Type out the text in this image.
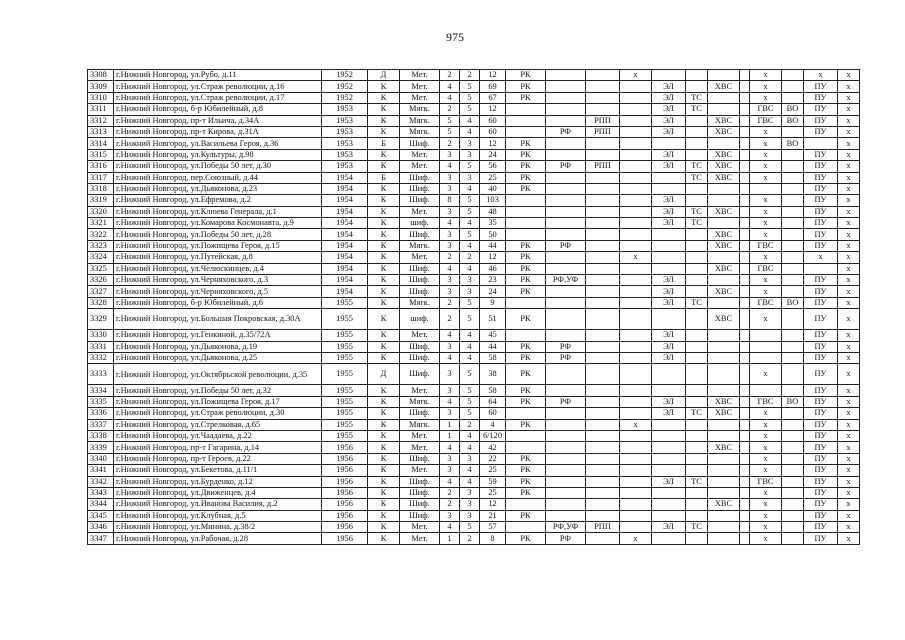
975
3308	г.Нижний Новгород, ул.Рубо, д.11	1952	Д	Мет.	2	2	12	РК			х					х		х	х
3309	г.Нижний Новгород, ул.Страж революции, д.16	1952	К	Мет.	4	5	69	РК				ЭЛ		ХВС		х		ПУ	х
3310	г.Нижний Новгород, ул.Страж революции, д.17	1952	К	Мет.	4	5	67	РК				ЭЛ	ТС			х		ПУ	х
3311	г.Нижний Новгород, б-р Юбилейный, д.8	1953	К	Мягк.	2	5	12					ЭЛ	ТС			ГВС	ВО	ПУ	х
3312	г.Нижний Новгород, пр-т Ильича, д.34А	1953	К	Мягк.	5	4	60			РПП		ЭЛ		ХВС		ГВС	ВО	ПУ	х
3313	г.Нижний Новгород, пр-т Кирова, д.31А	1953	К	Мягк.	5	4	60		РФ	РПП		ЭЛ		ХВС		х		ПУ	х
3314	г.Нижний Новгород, ул.Васильева Героя, д.36	1953	Б	Шиф.	2	3	12	РК								х	ВО		х
3315	г.Нижний Новгород, ул.Культуры, д.98	1953	К	Мет.	3	3	24	РК				ЭЛ		ХВС		х		ПУ	х
3316	г.Нижний Новгород, ул.Победы 50 лет, д.30	1953	К	Мет.	4	5	56	РК	РФ	РПП		ЭЛ	ТС	ХВС		х		ПУ	х
3317	г.Нижний Новгород, пер.Союзный, д.44	1954	Б	Шиф.	3	3	25	РК					ТС	ХВС		х		ПУ	х
3318	г.Нижний Новгород, ул.Дьяконова, д.23	1954	К	Шиф.	3	4	40	РК										ПУ	х
3319	г.Нижний Новгород, ул.Ефремова, д.2	1954	К	Шиф.	8	5	103					ЭЛ				х		ПУ	х
3320	г.Нижний Новгород, ул.Клюева Генерала, д.1	1954	К	Мет.	3	5	48					ЭЛ	ТС	ХВС		х		ПУ	х
3321	г.Нижний Новгород, ул.Комарова Космонавта, д.9	1954	К	шиф.	4	4	35					ЭЛ	ТС			х		ПУ	х
3322	г.Нижний Новгород, ул.Победы 50 лет, д.28	1954	К	Шиф.	3	5	50							ХВС		х		ПУ	х
3323	г.Нижний Новгород, ул.Пожищева Героя, д.15	1954	К	Мягк.	3	4	44	РК	РФ					ХВС		ГВС		ПУ	х
3324	г.Нижний Новгород, ул.Путейская, д.8	1954	К	Мет.	2	2	12	РК			х					х		х	х
3325	г.Нижний Новгород, ул.Челюскинцев, д.4	1954	К	Шиф.	4	4	46	РК						ХВС		ГВС			х
3326	г.Нижний Новгород, ул.Черняховского, д.3	1954	К	Шиф.	3	3	23	РК	РФ,УФ			ЭЛ				х		ПУ	х
3327	г.Нижний Новгород, ул.Черняховского, д.5	1954	К	Шиф.	3	3	24	РК				ЭЛ		ХВС		х		ПУ	х
3328	г.Нижний Новгород, б-р Юбилейный, д.6	1955	К	Мягк.	2	5	9					ЭЛ	ТС			ГВС	ВО	ПУ	х
3329	г.Нижний Новгород, ул.Большая Покровская, д.30А	1955	К	шиф.	2	5	51	РК						ХВС		х		ПУ	х
3330	г.Нижний Новгород, ул.Генкиной, д.35/72А	1955	К	Мет.	4	4	45					ЭЛ						ПУ	х
3331	г.Нижний Новгород, ул.Дьяконова, д.19	1955	К	Шиф.	3	4	44	РК	РФ			ЭЛ						ПУ	х
3332	г.Нижний Новгород, ул.Дьяконова, д.25	1955	К	Шиф.	4	4	58	РК	РФ			ЭЛ						ПУ	х
3333	г.Нижний Новгород, ул.Октябрьской революции, д.35	1955	Д	Шиф.	3	5	38	РК								х		ПУ	х
3334	г.Нижний Новгород, ул.Победы 50 лет, д.32	1955	К	Мет.	3	5	58	РК										ПУ	х
3335	г.Нижний Новгород, ул.Пожищева Героя, д.17	1955	К	Мягк.	4	5	64	РК	РФ			ЭЛ		ХВС		ГВС	ВО	ПУ	х
3336	г.Нижний Новгород, ул.Страж революции, д.30	1955	К	Шиф.	3	5	60					ЭЛ	ТС	ХВС		х		ПУ	х
3337	г.Нижний Новгород, ул.Стрелковая, д.65	1955	К	Мягк.	1	2	4	РК			х					х		ПУ	х
3338	г.Нижний Новгород, ул.Чаадаева, д.22	1955	К	Мет.	1	4	6/120									х		ПУ	х
3339	г.Нижний Новгород, пр-т Гагарина, д.14	1956	К	Мет.	4	4	42							ХВС		х		ПУ	х
3340	г.Нижний Новгород, пр-т Героев, д.22	1956	К	Шиф.	3	3	22	РК								х		ПУ	х
3341	г.Нижний Новгород, ул.Бекетова, д.11/1	1956	К	Мет.	3	4	25	РК								х		ПУ	х
3342	г.Нижний Новгород, ул.Бурденко, д.12	1956	К	Шиф.	4	4	59	РК				ЭЛ	ТС			ГВС		ПУ	х
3343	г.Нижний Новгород, ул.Движенцев, д.4	1956	К	Шиф.	2	3	25	РК								х		ПУ	х
3344	г.Нижний Новгород, ул.Иванова Василия, д.2	1956	К	Шиф.	2	3	12							ХВС		х		ПУ	х
3345	г.Нижний Новгород, ул.Клубная, д.5	1956	К	Шиф.	3	3	21	РК								х		ПУ	х
3346	г.Нижний Новгород, ул.Минина, д.38/2	1956	К	Мет.	4	5	57		РФ,УФ	РПП		ЭЛ	ТС			х		ПУ	х
3347	г.Нижний Новгород, ул.Рабочая, д.28	1956	К	Мет.	1	2	8	РК	РФ		х					х		ПУ	х
